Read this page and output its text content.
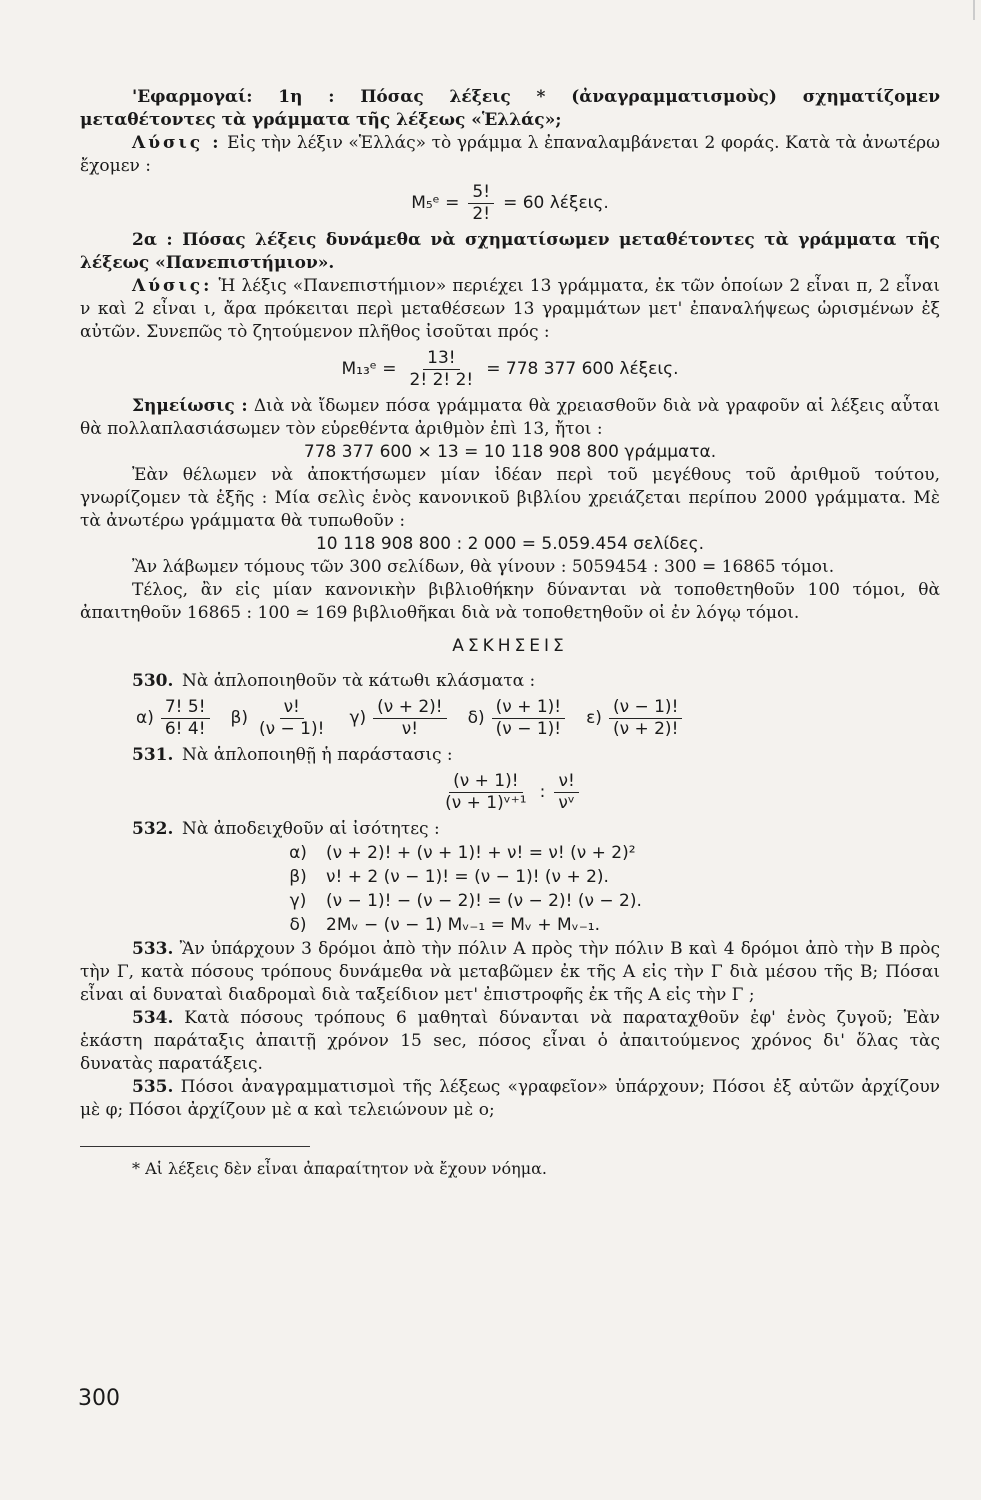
'Εφαρμογαί: 1η : Πόσας λέξεις * (ἀναγραμματισμοὺς) σχηματίζομεν μεταθέτοντες τὰ γράμματα τῆς λέξεως «Ἑλλάς»;

Λύσις : Εἰς τὴν λέξιν «Ἑλλάς» τὸ γράμμα λ ἐπαναλαμβάνεται 2 φοράς. Κατὰ τὰ ἀνωτέρω ἔχομεν :

M₅ᵉ = $\frac{5!}{2!} = 60$ λέξεις.

2α : Πόσας λέξεις δυνάμεθα νὰ σχηματίσωμεν μεταθέτοντες τὰ γράμματα τῆς λέξεως «Πανεπιστήμιον».

Λύσις: Ἡ λέξις «Πανεπιστήμιον» περιέχει 13 γράμματα, ἐκ τῶν ὁποίων 2 εἶναι π, 2 εἶναι ν καὶ 2 εἶναι ι, ἄρα πρόκειται περὶ μεταθέσεων 13 γραμμάτων μετ' ἐπαναλήψεως ὡρισμένων ἐξ αὐτῶν. Συνεπῶς τὸ ζητούμενον πλῆθος ἰσοῦται πρός :

M₁₃ᵉ = $\frac{13!}{2! 2! 2!} = 778$ 377 600 λέξεις.

Σημείωσις : Διὰ νὰ ἴδωμεν πόσα γράμματα θὰ χρειασθοῦν διὰ νὰ γραφοῦν αἱ λέξεις αὗται θὰ πολλαπλασιάσωμεν τὸν εὑρεθέντα ἀριθμὸν ἐπὶ 13, ἤτοι :

778 377 600 × 13 = 10 118 908 800 γράμματα.

Ἐὰν θέλωμεν νὰ ἀποκτήσωμεν μίαν ἰδέαν περὶ τοῦ μεγέθους τοῦ ἀριθμοῦ τούτου, γνωρίζομεν τὰ ἑξῆς : Μία σελὶς ἑνὸς κανονικοῦ βιβλίου χρειάζεται περίπου 2000 γράμματα. Μὲ τὰ ἀνωτέρω γράμματα θὰ τυπωθοῦν :

10 118 908 800 : 2 000 = 5.059.454 σελίδες.

Ἂν λάβωμεν τόμους τῶν 300 σελίδων, θὰ γίνουν : 5059454 : 300 = 16865 τόμοι.

Τέλος, ἂν εἰς μίαν κανονικὴν βιβλιοθήκην δύνανται νὰ τοποθετηθοῦν 100 τόμοι, θὰ ἀπαιτηθοῦν 16865 : 100 ≃ 169 βιβλιοθῆκαι διὰ νὰ τοποθετηθοῦν οἱ ἐν λόγῳ τόμοι.

ΑΣΚΗΣΕΙΣ

530. Νὰ ἁπλοποιηθοῦν τὰ κάτωθι κλάσματα :
$\alpha) \frac{7! 5!}{6! 4!} \beta) \frac{\nu!}{(\nu - 1)!} \gamma) \frac{(\nu + 2)!}{\nu!} \delta) \frac{(\nu + 1)!}{(\nu - 1)!} \varepsilon) \frac{(\nu - 1)!}{(\nu + 2)!}$
531. Νὰ ἁπλοποιηθῇ ἡ παράστασις :
$\frac{(\nu + 1)!}{\text{(ν + 1)ᵛ⁺¹}}$ : $\frac{\nu!}{\text{νᵛ}}$
532. Νὰ ἀποδειχθοῦν αἱ ἰσότητες :
α) (ν + 2)! + (ν + 1)! + ν! = ν! (ν + 2)²
β) ν! + 2 (ν − 1)! = (ν − 1)! (ν + 2).
γ) (ν − 1)! − (ν − 2)! = (ν − 2)! (ν − 2).
δ) 2Mᵥ − (ν − 1) Mᵥ₋₁ = Mᵥ + Mᵥ₋₁.

533. Ἂν ὑπάρχουν 3 δρόμοι ἀπὸ τὴν πόλιν Α πρὸς τὴν πόλιν Β καὶ 4 δρόμοι ἀπὸ τὴν Β πρὸς τὴν Γ, κατὰ πόσους τρόπους δυνάμεθα νὰ μεταβῶμεν ἐκ τῆς Α εἰς τὴν Γ διὰ μέσου τῆς Β; Πόσαι εἶναι αἱ δυναταὶ διαδρομαὶ διὰ ταξείδιον μετ' ἐπιστροφῆς ἐκ τῆς Α εἰς τὴν Γ ;

534. Κατὰ πόσους τρόπους 6 μαθηταὶ δύνανται νὰ παραταχθοῦν ἐφ' ἑνὸς ζυγοῦ; Ἐὰν ἑκάστη παράταξις ἀπαιτῇ χρόνον 15 sec, πόσος εἶναι ὁ ἀπαιτούμενος χρόνος δι' ὅλας τὰς δυνατὰς παρατάξεις.

535. Πόσοι ἀναγραμματισμοὶ τῆς λέξεως «γραφεῖον» ὑπάρχουν; Πόσοι ἐξ αὐτῶν ἀρχίζουν μὲ φ; Πόσοι ἀρχίζουν μὲ α καὶ τελειώνουν μὲ ο;

* Αἱ λέξεις δὲν εἶναι ἀπαραίτητον νὰ ἔχουν νόημα.

300
